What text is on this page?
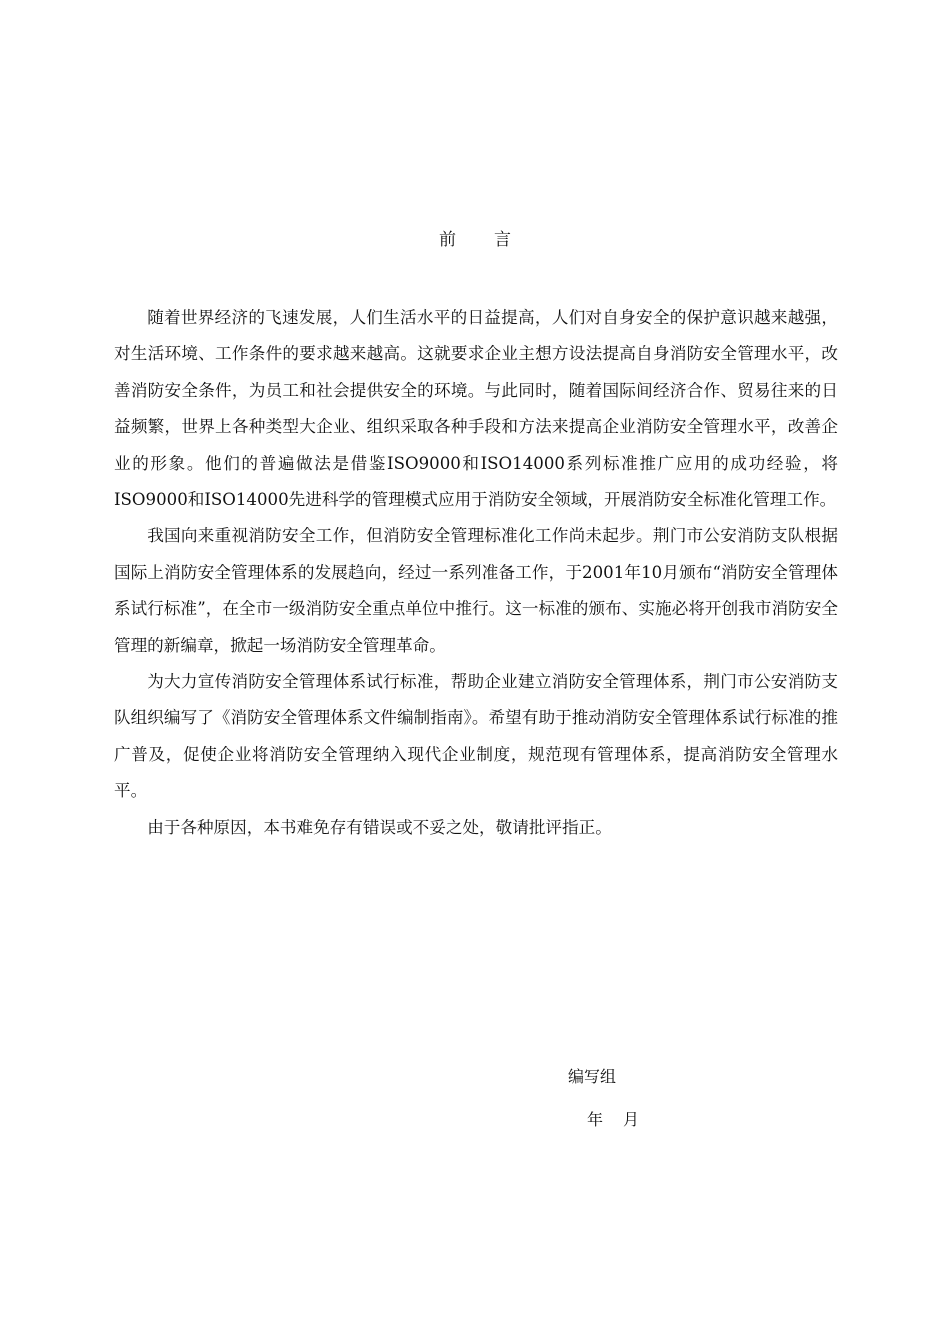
前言

随着世界经济的飞速发展，人们生活水平的日益提高，人们对自身安全的保护意识越来越强，对生活环境、工作条件的要求越来越高。这就要求企业主想方设法提高自身消防安全管理水平，改善消防安全条件，为员工和社会提供安全的环境。与此同时，随着国际间经济合作、贸易往来的日益频繁，世界上各种类型大企业、组织采取各种手段和方法来提高企业消防安全管理水平，改善企业的形象。他们的普遍做法是借鉴ISO9000和ISO14000系列标准推广应用的成功经验，将ISO9000和ISO14000先进科学的管理模式应用于消防安全领域，开展消防安全标准化管理工作。

我国向来重视消防安全工作，但消防安全管理标准化工作尚未起步。荆门市公安消防支队根据国际上消防安全管理体系的发展趋向，经过一系列准备工作，于2001年10月颁布“消防安全管理体系试行标准”，在全市一级消防安全重点单位中推行。这一标准的颁布、实施必将开创我市消防安全管理的新编章，掀起一场消防安全管理革命。

为大力宣传消防安全管理体系试行标准，帮助企业建立消防安全管理体系，荆门市公安消防支队组织编写了《消防安全管理体系文件编制指南》。希望有助于推动消防安全管理体系试行标准的推广普及，促使企业将消防安全管理纳入现代企业制度，规范现有管理体系，提高消防安全管理水平。

由于各种原因，本书难免存有错误或不妥之处，敬请批评指正。

编写组
年月
